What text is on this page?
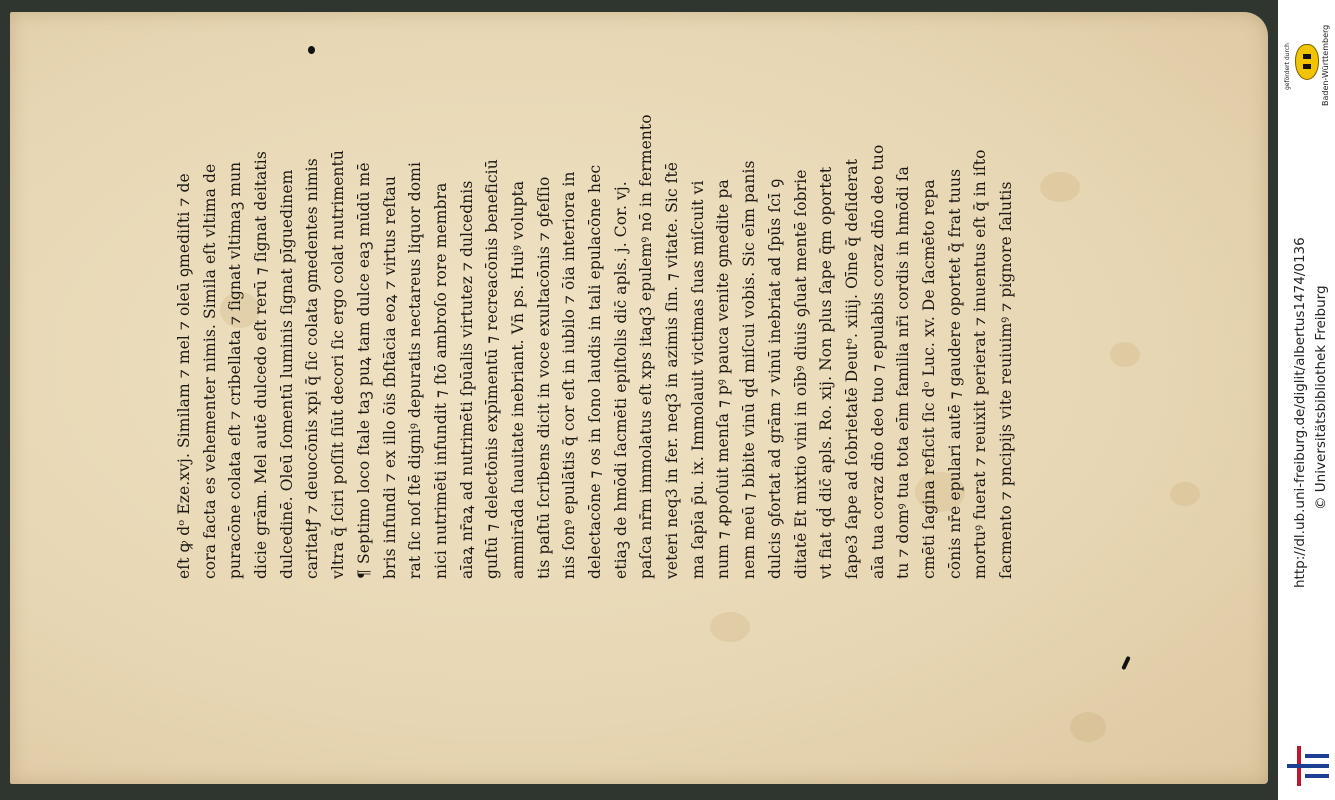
eſt ꝙ dᵒ Eze.xvj. Similam ⁊ mel ⁊ oleū ꝯmediſti ⁊ de cora facta es vehementer nimis. Simila eſt vltima de puracōne colata eſt ⁊ cribellata ⁊ ſignat vltimaꝫ mun dicie grām. Mel autē dulcedo eſt rerū ⁊ ſignat deitatis dulcedinē. Oleū ſomentū luminis ſignat pīguedinem caritatꝭ ⁊ deuocōnis xpi q̄ ſic colata ꝯmedentes nimis vltra q̄ ſciri poſſit ſiūt decori ſic ergo colat nutrimentū ¶ Septimo loco ſtale taꝫ puꝝ tam dulce eaꝫ mūdū mē bris infundi ⁊ ex illo ōis ſbſtācia eoꝝ ⁊ virtus reſtau rat ſic noſ ſtē digniꝰ depuratis nectareus liquor domi nici nutrimēti infundit ⁊ ſtō ambroſo rore membra aīaꝝ nr̄aꝝ ad nutrimēti ſpūalis virtutez ⁊ dulcednis guſtū ⁊ delectōnis expīmentū ⁊ recreacōnis beneficiū ammirāda ſuauitate inebriant. Vn̄ ps. Huiꝰ volupta tis paſtū ſcribens dicit in voce exultacōnis ⁊ ꝯfeſſio nis ſonꝰ epulātis q̄ cor eſt in iubilo ⁊ ōia interiora in delectacōne ⁊ os in ſono laudis in tali epulacōne hec etiaꝫ de hmōdi ſacmēti epiſtolis dic̄ apls. j. Cor. vj. paſca nr̄m immolatus eſt xps itaq3 epulemꝰ nō in fermento veteri neq3 in fer. neq3 in azimis ſin. ⁊ vitate. Sic ſtē ma ſapīa p̄u. ix. Immolauit victimas ſuas miſcuit vi num ⁊ ꝓpoſuit menſa ⁊ pꝰ pauca venite ꝯmedite pa nem meū ⁊ bibite vinū qḋ miſcui vobis. Sic eīm panis dulcis ꝯfortat ad grām ⁊ vinū inebriat ad ſpūs ſcī ꝯ ditatē Et mixtio vini in oībꝰ diuis ꝯſuat mentē ſobrie vt fiat qḋ dic̄ apls. Ro. xij. Non plus ſape q̄m oportet ſape3 ſape ad ſobrietatē Deutᵒ. xiiij. Oīne q̄ deſiderat aīa tua coraz dn̄o deo tuo ⁊ epulabis coraz dn̄o deo tuo tu ⁊ domꝰ tua tota eīm familia nr̄i cordis in hmōdi ſa cmēti ſagina reficit ſic dᵒ Luc. xv. De ſacmēto repa cōnis nr̄e epulari autē ⁊ gaudere oportet q̄ frat tuus mortuꝰ fuerat ⁊ reuixit perierat ⁊ inuentus eſt q̄ in iſto ſacmento ⁊ pncipijs vite reuiuimꝰ ⁊ pignore ſalutis
gefördert durch	Baden-Württemberg
http://dl.ub.uni-freiburg.de/diglit/albertus1474/0136 © Universitätsbibliothek Freiburg
